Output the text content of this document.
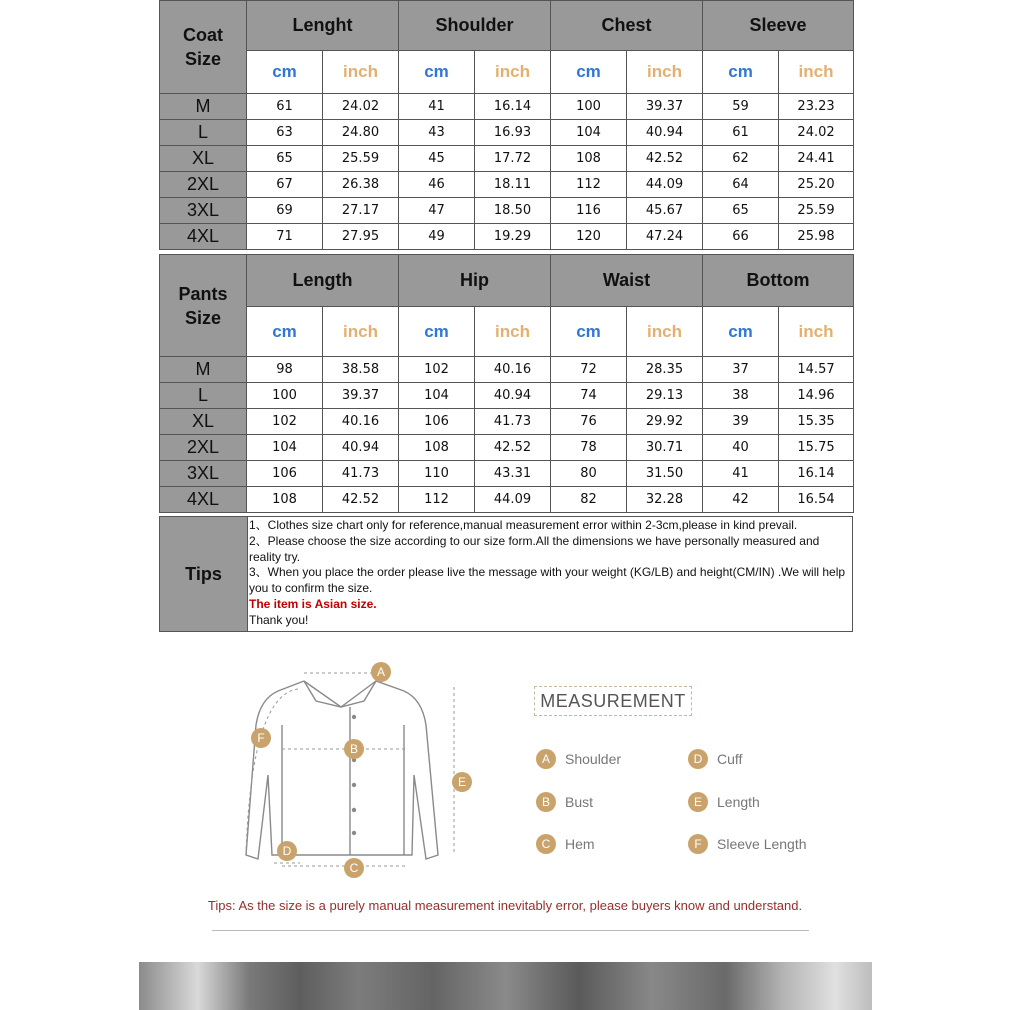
Coat
Size	Lenght		Shoulder		Chest		Sleeve	
	cm	inch	cm	inch	cm	inch	cm	inch
M	61	24.02	41	16.14	100	39.37	59	23.23
L	63	24.80	43	16.93	104	40.94	61	24.02
XL	65	25.59	45	17.72	108	42.52	62	24.41
2XL	67	26.38	46	18.11	112	44.09	64	25.20
3XL	69	27.17	47	18.50	116	45.67	65	25.59
4XL	71	27.95	49	19.29	120	47.24	66	25.98
Pants
Size	Length		Hip		Waist		Bottom	
	cm	inch	cm	inch	cm	inch	cm	inch
M	98	38.58	102	40.16	72	28.35	37	14.57
L	100	39.37	104	40.94	74	29.13	38	14.96
XL	102	40.16	106	41.73	76	29.92	39	15.35
2XL	104	40.94	108	42.52	78	30.71	40	15.75
3XL	106	41.73	110	43.31	80	31.50	41	16.14
4XL	108	42.52	112	44.09	82	32.28	42	16.54
Tips
1、Clothes size chart only for reference,manual measurement error within 2-3cm,please in kind prevail.
2、Please choose the size according to our size form.All the dimensions we have personally measured and reality try.
3、When you place the order please live the message with your weight (KG/LB) and height(CM/IN) .We will help you to confirm the size.
The item is Asian size.
Thank you!
A
B
C
D
E
F
MEASUREMENT
A	Shoulder
B	Bust
C	Hem
D	Cuff
E	Length
F	Sleeve Length
Tips: As the size is a purely manual measurement inevitably error, please buyers know and understand.
